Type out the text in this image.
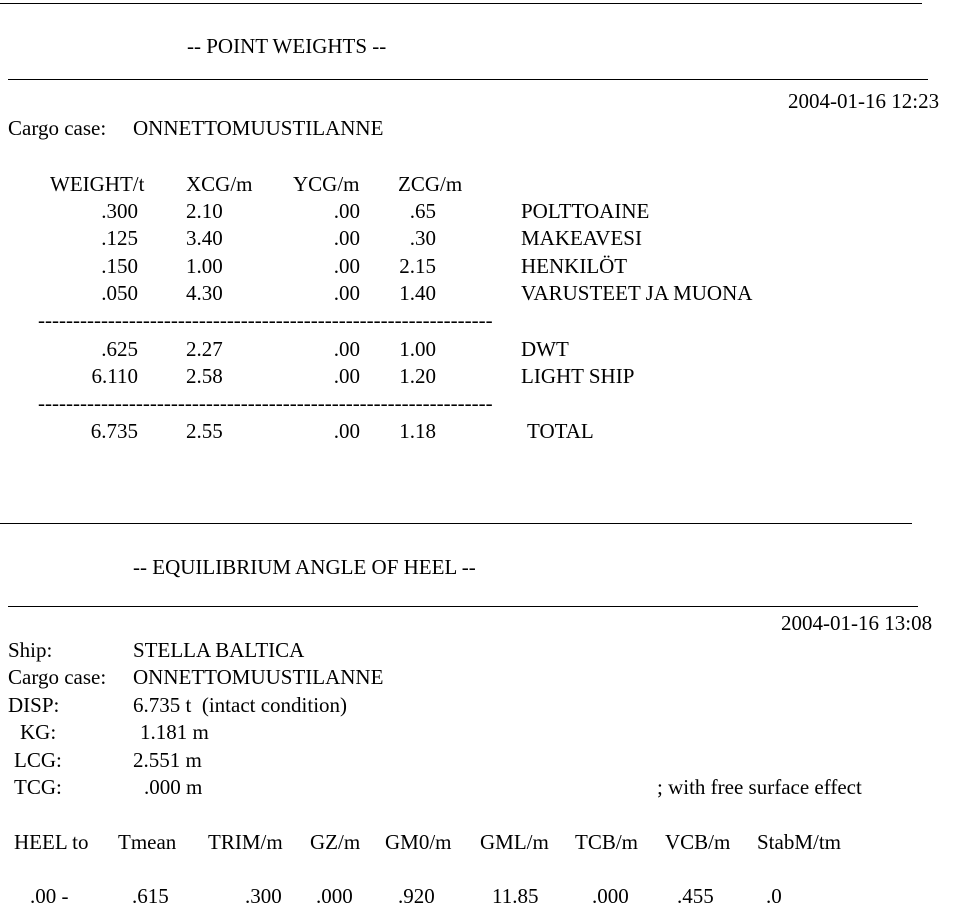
-- POINT WEIGHTS --
2004-01-16 12:23
Cargo case: ONNETTOMUUSTILANNE
WEIGHT/t XCG/m YCG/m ZCG/m
.300 2.10	.00 .65	POLTTOAINE
.125 3.40	.00 .30	MAKEAVESI
.150 1.00	.00 2.15	HENKILÖT
.050 4.30	.00 1.40	VARUSTEET JA MUONA
-----------------------------------------------------------------
.625 2.27	.00 1.00	DWT
6.110 2.58	.00 1.20	LIGHT SHIP
-----------------------------------------------------------------
6.735 2.55	.00 1.18	TOTAL
-- EQUILIBRIUM ANGLE OF HEEL --
2004-01-16 13:08
Ship:	STELLA BALTICA
Cargo case: ONNETTOMUUSTILANNE
DISP:	6.735 t  (intact condition)
KG:	1.181 m
LCG:	2.551 m
TCG:	.000 m	; with free surface effect
HEEL to Tmean TRIM/m GZ/m GM0/m GML/m TCB/m VCB/m StabM/tm
.00 -	.615	.300 .000 .920	11.85	.000 .455 .0
